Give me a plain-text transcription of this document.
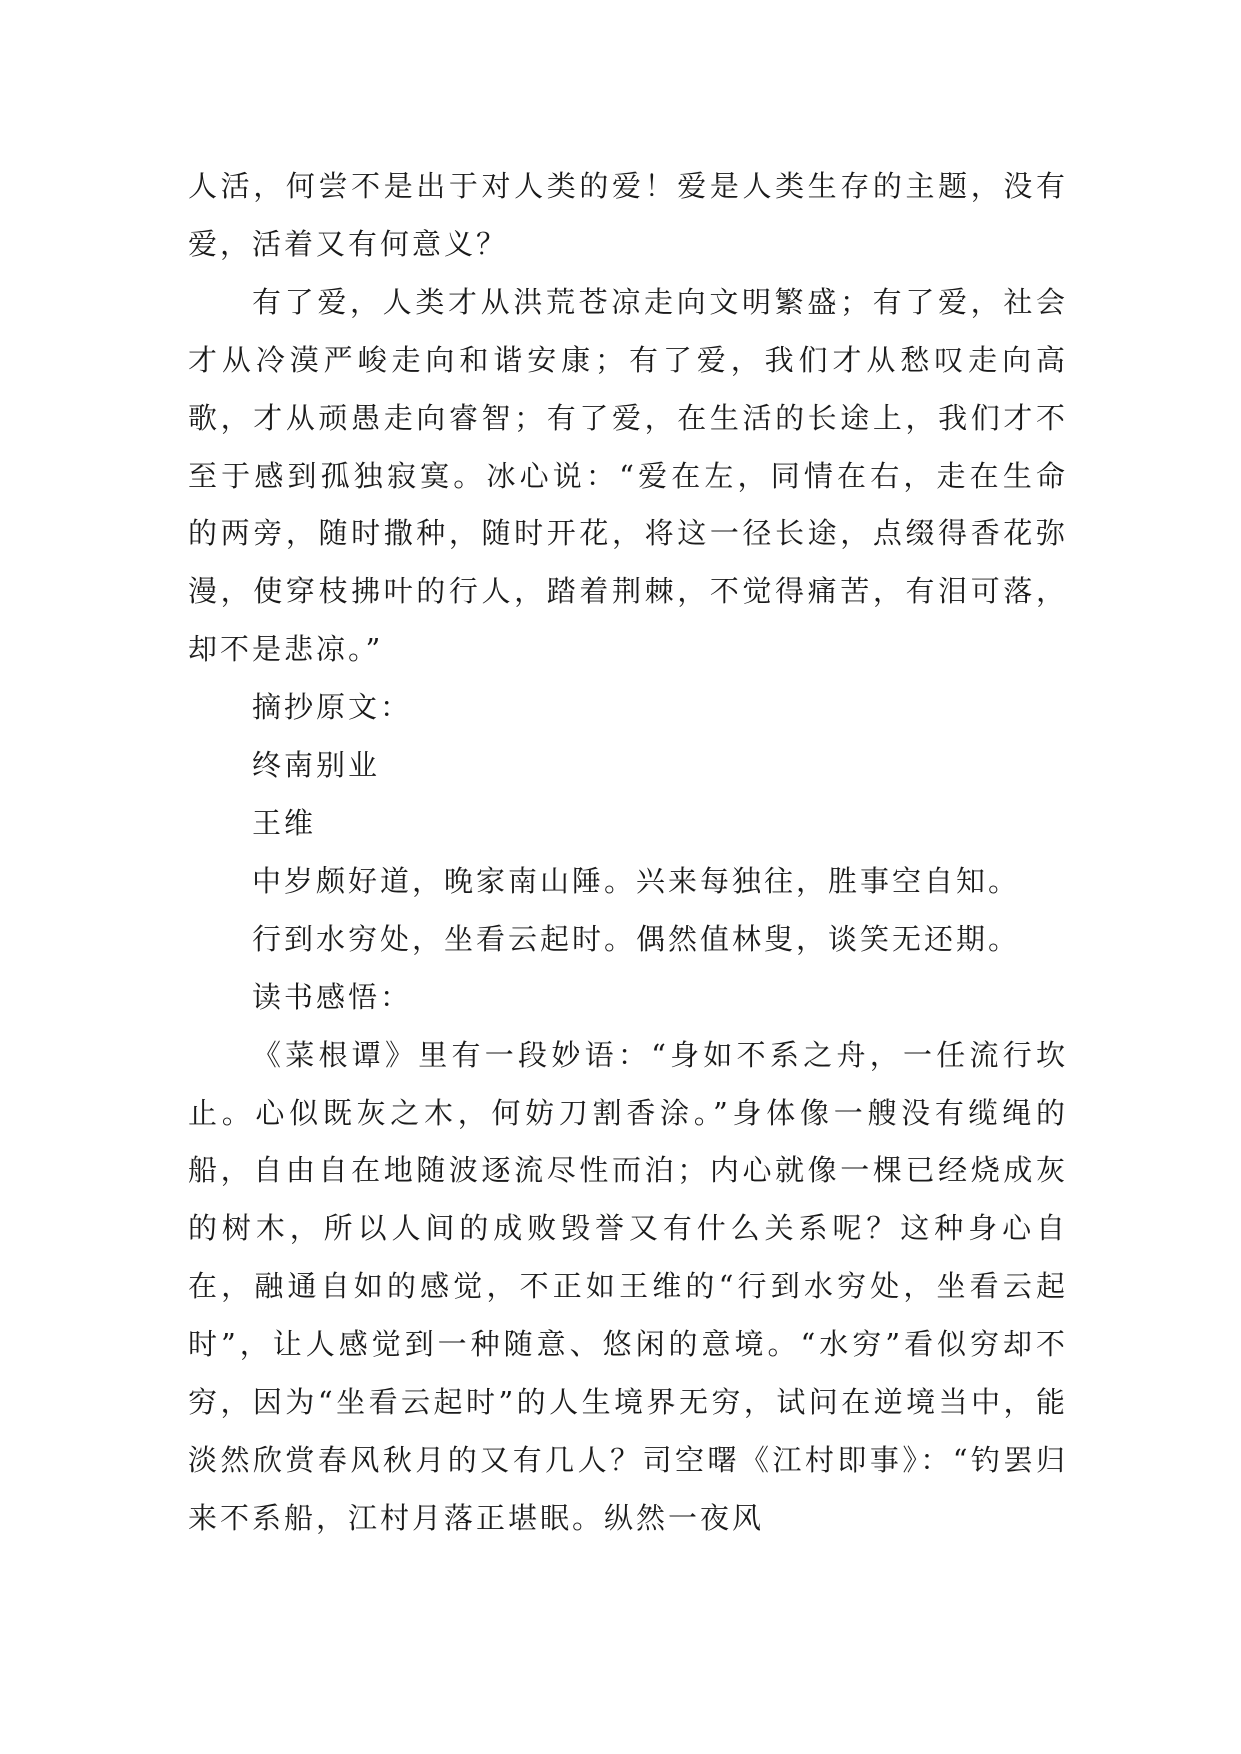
人活，何尝不是出于对人类的爱！爱是人类生存的主题，没有爱，活着又有何意义？

有了爱，人类才从洪荒苍凉走向文明繁盛；有了爱，社会才从冷漠严峻走向和谐安康；有了爱，我们才从愁叹走向高歌，才从顽愚走向睿智；有了爱，在生活的长途上，我们才不至于感到孤独寂寞。冰心说：“爱在左，同情在右，走在生命的两旁，随时撒种，随时开花，将这一径长途，点缀得香花弥漫，使穿枝拂叶的行人，踏着荆棘，不觉得痛苦，有泪可落，却不是悲凉。”

摘抄原文：

终南别业

王维

中岁颇好道，晚家南山陲。兴来每独往，胜事空自知。

行到水穷处，坐看云起时。偶然值林叟，谈笑无还期。

读书感悟：

《菜根谭》里有一段妙语：“身如不系之舟，一任流行坎止。心似既灰之木，何妨刀割香涂。”身体像一艘没有缆绳的船，自由自在地随波逐流尽性而泊；内心就像一棵已经烧成灰的树木，所以人间的成败毁誉又有什么关系呢？这种身心自在，融通自如的感觉，不正如王维的“行到水穷处，坐看云起时”，让人感觉到一种随意、悠闲的意境。“水穷”看似穷却不穷，因为“坐看云起时”的人生境界无穷，试问在逆境当中，能淡然欣赏春风秋月的又有几人？司空曙《江村即事》：“钓罢归来不系船，江村月落正堪眠。纵然一夜风
